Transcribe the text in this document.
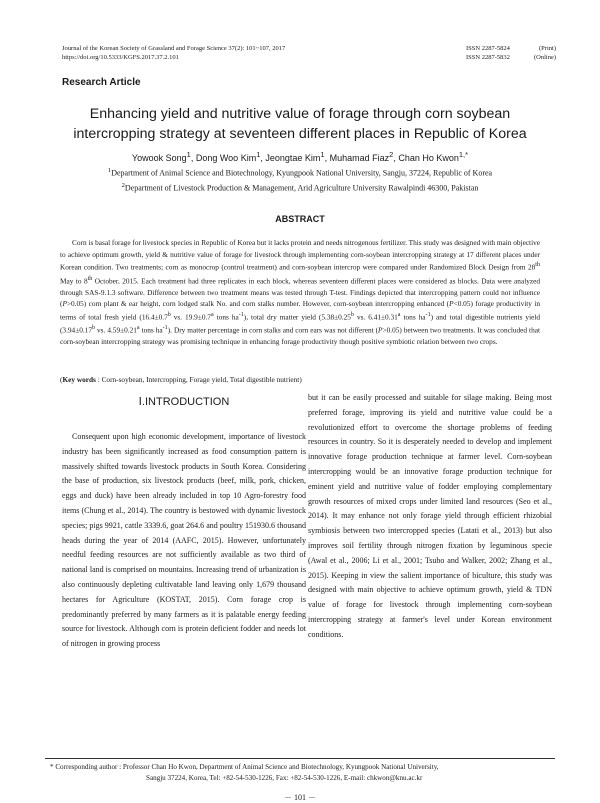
Journal of the Korean Society of Grassland and Forage Science 37(2): 101~107, 2017
https://doi.org/10.5333/KGFS.2017.37.2.101
ISSN 2287-5824	(Print)
ISSN 2287-5832	(Online)
Research Article
Enhancing yield and nutritive value of forage through corn soybean
intercropping strategy at seventeen different places in Republic of Korea
Yowook Song$^1$, Dong Woo Kim$^1$, Jeongtae Kim$^1$, Muhamad Fiaz$^2$, Chan Ho Kwon$^{1,*}$
$^1$Department of Animal Science and Biotechnology, Kyungpook National University, Sangju, 37224, Republic of Korea
$^2$Department of Livestock Production & Management, Arid Agriculture University Rawalpindi 46300, Pakistan
ABSTRACT

Corn is basal forage for livestock species in Republic of Korea but it lacks protein and needs nitrogenous fertilizer. This study was designed with main objective to achieve optimum growth, yield & nutritive value of forage for livestock through implementing corn-soybean intercropping strategy at 17 different places under Korean condition. Two treatments; corn as monocrop (control treatment) and corn-soybean intercrop were compared under Randomized Block Design from 28th May to 8th October, 2015. Each treatment had three replicates in each block, whereas seventeen different places were considered as blocks. Data were analyzed through SAS-9.1.3 software. Difference between two treatment means was tested through T-test. Findings depicted that intercropping pattern could not influence (P>0.05) corn plant & ear height, corn lodged stalk No. and corn stalks number. However, corn-soybean intercropping enhanced (P<0.05) forage productivity in terms of total fresh yield (16.4±0.7$^b$ vs. 19.9±0.7$^a$ tons $ha^{-1}$), total dry matter yield (5.38±0.25$^b$ vs. 6.41±0.31$^a$ tons $ha^{-1}$) and total digestible nutrients yield (3.94±0.17$^b$ vs. 4.59±0.21$^a$ tons $ha^{-1}$). Dry matter percentage in corn stalks and corn ears was not different (P>0.05) between two treatments. It was concluded that corn-soybean intercropping strategy was promising technique in enhancing forage productivity though positive symbiotic relation between two crops.

(Key words : Corn-soybean, Intercropping, Forage yield, Total digestible nutrient)
Ⅰ.INTRODUCTION

Consequent upon high economic development, importance of livestock industry has been significantly increased as food consumption pattern is massively shifted towards livestock products in South Korea. Considering the base of production, six livestock products (beef, milk, pork, chicken, eggs and duck) have been already included in top 10 Agro-forestry food items (Chung et al., 2014). The country is bestowed with dynamic livestock species; pigs 9921, cattle 3339.6, goat 264.6 and poultry 151930.6 thousand heads during the year of 2014 (AAFC, 2015). However, unfortunately needful feeding resources are not sufficiently available as two third of national land is comprised on mountains. Increasing trend of urbanization is also continuously depleting cultivatable land leaving only 1,679 thousand hectares for Agriculture (KOSTAT, 2015). Corn forage crop is predominantly preferred by many farmers as it is palatable energy feeding source for livestock. Although corn is protein deficient fodder and needs lot of nitrogen in growing process

but it can be easily processed and suitable for silage making. Being most preferred forage, improving its yield and nutritive value could be a revolutionized effort to overcome the shortage problems of feeding resources in country. So it is desperately needed to develop and implement innovative forage production technique at farmer level. Corn-soybean intercropping would be an innovative forage production technique for eminent yield and nutritive value of fodder employing complementary growth resources of mixed crops under limited land resources (Seo et al., 2014). It may enhance not only forage yield through efficient rhizobial symbiosis between two intercropped species (Latati et al., 2013) but also improves soil fertility through nitrogen fixation by leguminous specie (Awal et al., 2006; Li et al., 2001; Tsubo and Walker, 2002; Zhang et al., 2015). Keeping in view the salient importance of biculture, this study was designed with main objective to achieve optimum growth, yield & TDN value of forage for livestock through implementing corn-soybean intercropping strategy at farmer's level under Korean environment conditions.

* Corresponding author : Professor Chan Ho Kwon, Department of Animal Science and Biotechnology, Kyungpook National University,
Sangju 37224, Korea, Tel: +82-54-530-1226, Fax: +82-54-530-1226, E-mail: chkwon@knu.ac.kr
－ 101 －
